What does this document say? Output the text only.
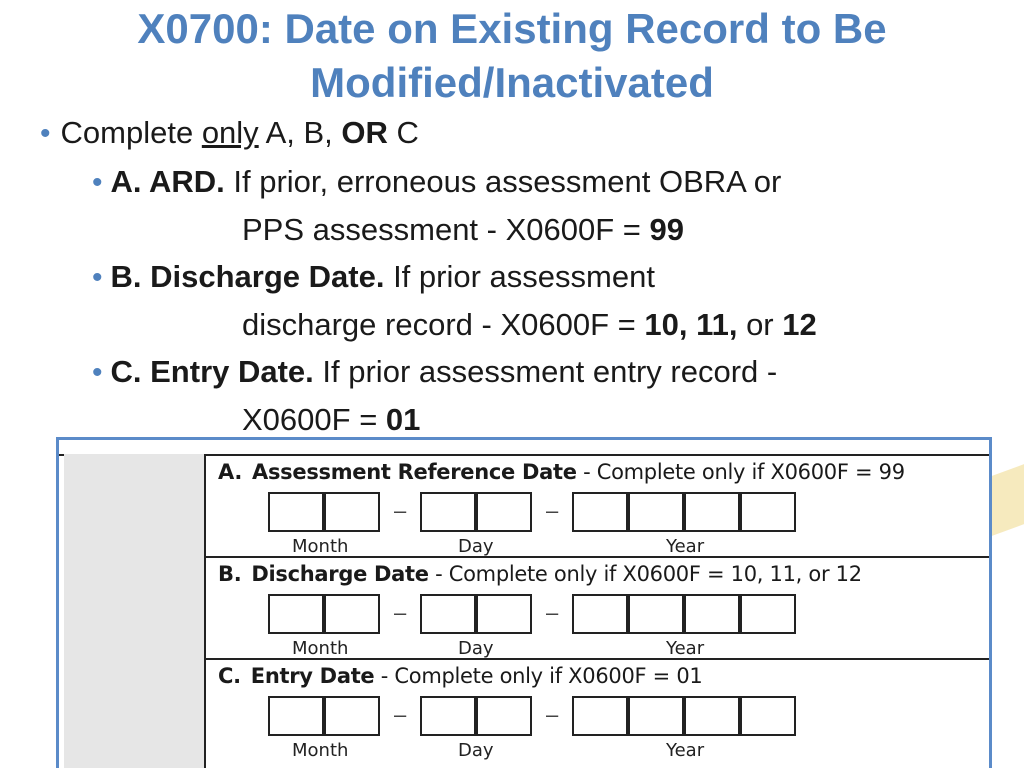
X0700: Date on Existing Record to Be
Modified/Inactivated
• Complete only A, B, OR C
• A. ARD. If prior, erroneous assessment OBRA or
PPS assessment - X0600F = 99
• B. Discharge Date. If prior assessment
discharge record - X0600F = 10, 11, or 12
• C. Entry Date. If prior assessment entry record -
X0600F = 01
A. Assessment Reference Date - Complete only if X0600F = 99
–	–
Month	Day	Year
B. Discharge Date - Complete only if X0600F = 10, 11, or 12
–	–
Month	Day	Year
C. Entry Date - Complete only if X0600F = 01
–	–
Month	Day	Year
